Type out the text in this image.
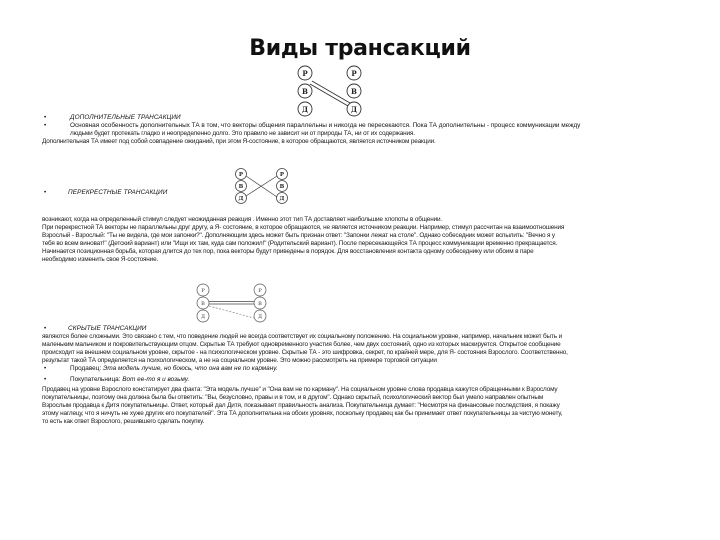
Виды трансакций
Р
В
Д
Р
В
Д
•	ДОПОЛНИТЕЛЬНЫЕ ТРАНСАКЦИИ
•	Основная особенность дополнительных ТА в том, что векторы общения параллельны и никогда не пересекаются. Пока ТА дополнительны - процесс коммуникации между
людьми будет протекать гладко и неопределенно долго. Это правило не зависит ни от природы ТА, ни от их содержания.
Дополнительная ТА имеет под собой совпадение ожиданий, при этом Я-состояние, в которое обращаются, является источником реакции.
Р
В
Д
Р
В
Д
•	ПЕРЕКРЕСТНЫЕ ТРАНСАКЦИИ
возникают, когда на определенный стимул следует неожиданная реакция . Именно этот тип ТА доставляет наибольшие хлопоты в общении.
При перекрестной ТА векторы не параллельны друг другу, а Я- состояние, в которое обращаются, не является источником реакции. Например, стимул рассчитан на взаимоотношения
Взрослый - Взрослый: "Ты не видела, где мои запонки?". Дополняющим здесь может быть признан ответ: "Запонки лежат на столе". Однако собеседник может вспылить: "Вечно я у
тебя во всем виноват!" (Детский вариант) или "Ищи их там, куда сам положил!" (Родительский вариант). После пересекающейся ТА процесс коммуникации временно прекращается.
Начинается позиционная борьба, которая длится до тех пор, пока векторы будут приведены в порядок. Для восстановления контакта одному собеседнику или обоим в паре
необходимо изменить свое Я-состояние.
Р
В
Д
Р
В
Д
•	СКРЫТЫЕ ТРАНСАКЦИИ
являются более сложными. Это связано с тем, что поведение людей не всегда соответствует их социальному положению. На социальном уровне, например, начальник может быть и
маленьким мальчиком и покровительствующим отцом. Скрытые ТА требуют одновременного участия более, чем двух состояний, одно из которых маскируется. Открытое сообщение
происходит на внешнем социальном уровне, скрытое - на психологическом уровне. Скрытые ТА - это шифровка, секрет, по крайней мере, для Я- состояния Взрослого. Соответственно,
результат такой ТА определяется на психологическом, а не на социальном уровне. Это можно рассмотреть на примере торговой ситуации
•	Продавец: Эта модель лучше, но боюсь, что она вам не по карману.
•	Покупательница: Вот ее-то я и возьму.
Продавец на уровне Взрослого констатирует два факта: "Эта модель лучше" и "Она вам не по карману". На социальном уровне слова продавца кажутся обращенными к Взрослому
покупательницы, поэтому она должна была бы ответить: "Вы, безусловно, правы и в том, и в другом". Однако скрытый, психологический вектор был умело направлен опытным
Взрослым продавца к Дитя покупательницы. Ответ, который дал Дитя, показывает правильность анализа. Покупательница думает: "Несмотря на финансовые последствия, я покажу
этому наглецу, что я ничуть не хуже других его покупателей". Эта ТА дополнительна на обоих уровнях, поскольку продавец как бы принимает ответ покупательницы за чистую монету,
то есть как ответ Взрослого, решившего сделать покупку.
